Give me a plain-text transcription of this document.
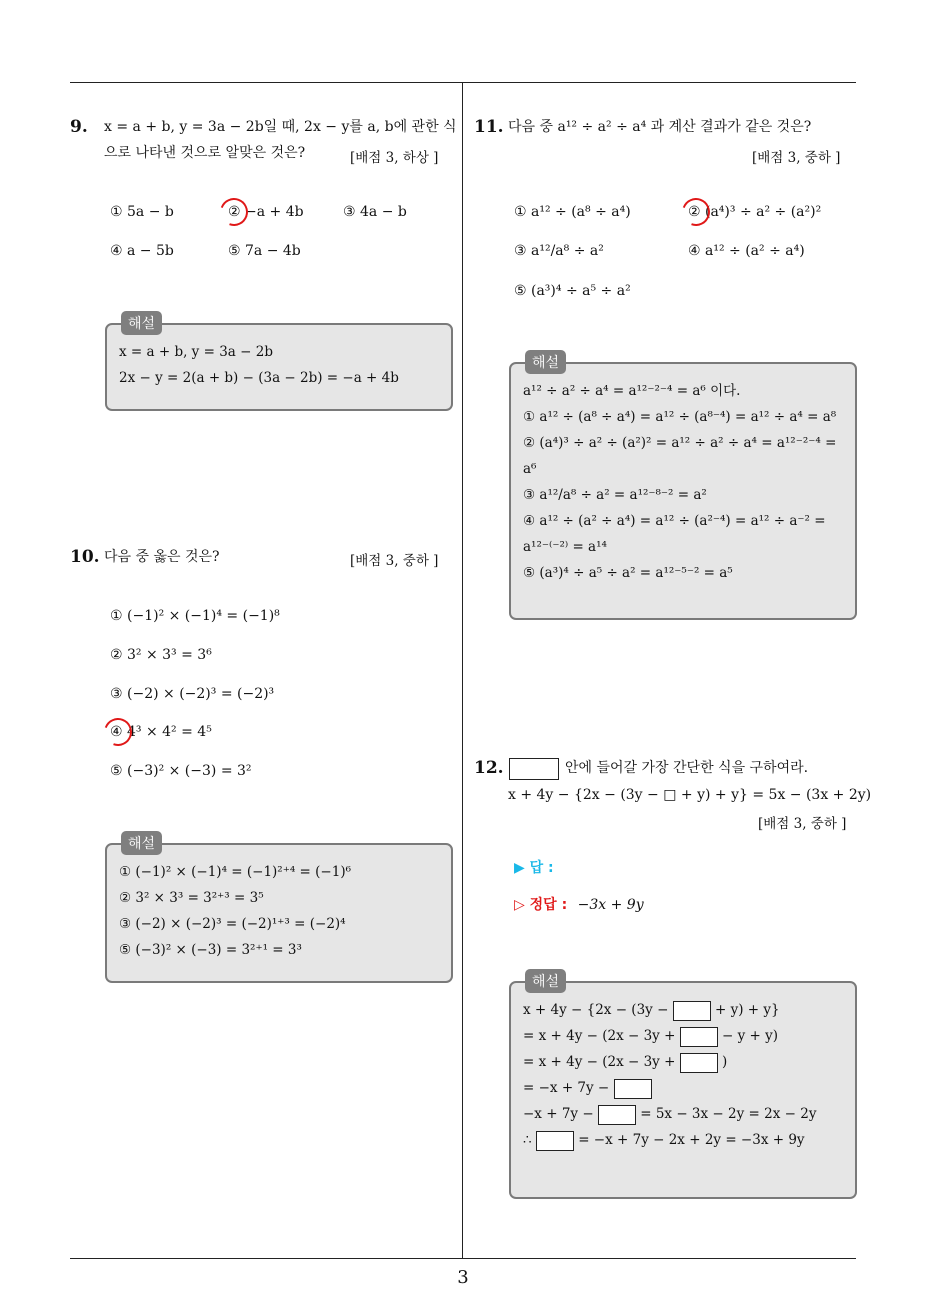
3
9. x = a + b, y = 3a − 2b일 때, 2x − y를 a, b에 관한 식
으로 나타낸 것으로 알맞은 것은?	[배점 3, 하상 ]
① 5a − b	② −a + 4b	③ 4a − b
④ a − 5b	⑤ 7a − 4b
해설
x = a + b, y = 3a − 2b
2x − y = 2(a + b) − (3a − 2b) = −a + 4b
10. 다음 중 옳은 것은?	[배점 3, 중하 ]
① (−1)² × (−1)⁴ = (−1)⁸
② 3² × 3³ = 3⁶
③ (−2) × (−2)³ = (−2)³
④ 4³ × 4² = 4⁵
⑤ (−3)² × (−3) = 3²
해설
① (−1)² × (−1)⁴ = (−1)²⁺⁴ = (−1)⁶
② 3² × 3³ = 3²⁺³ = 3⁵
③ (−2) × (−2)³ = (−2)¹⁺³ = (−2)⁴
⑤ (−3)² × (−3) = 3²⁺¹ = 3³
11. 다음 중 a¹² ÷ a² ÷ a⁴ 과 계산 결과가 같은 것은?
[배점 3, 중하 ]
① a¹² ÷ (a⁸ ÷ a⁴)	② (a⁴)³ ÷ a² ÷ (a²)²
③ a¹²/a⁸ ÷ a²	④ a¹² ÷ (a² ÷ a⁴)
⑤ (a³)⁴ ÷ a⁵ ÷ a²
해설
a¹² ÷ a² ÷ a⁴ = a¹²⁻²⁻⁴ = a⁶ 이다.
① a¹² ÷ (a⁸ ÷ a⁴) = a¹² ÷ (a⁸⁻⁴) = a¹² ÷ a⁴ = a⁸
② (a⁴)³ ÷ a² ÷ (a²)² = a¹² ÷ a² ÷ a⁴ = a¹²⁻²⁻⁴ =
a⁶
③ a¹²/a⁸ ÷ a² = a¹²⁻⁸⁻² = a²
④ a¹² ÷ (a² ÷ a⁴) = a¹² ÷ (a²⁻⁴) = a¹² ÷ a⁻² =
a¹²⁻⁽⁻²⁾ = a¹⁴
⑤ (a³)⁴ ÷ a⁵ ÷ a² = a¹²⁻⁵⁻² = a⁵
12.	안에 들어갈 가장 간단한 식을 구하여라.
x + 4y − {2x − (3y − □ + y) + y} = 5x − (3x + 2y)
[배점 3, 중하 ]
▶ 답 :
▷ 정답 : −3x + 9y
해설
x + 4y − {2x − (3y −	+ y) + y}
= x + 4y − (2x − 3y +	− y + y)
= x + 4y − (2x − 3y +	)
= −x + 7y −
−x + 7y −	= 5x − 3x − 2y = 2x − 2y
∴	= −x + 7y − 2x + 2y = −3x + 9y
